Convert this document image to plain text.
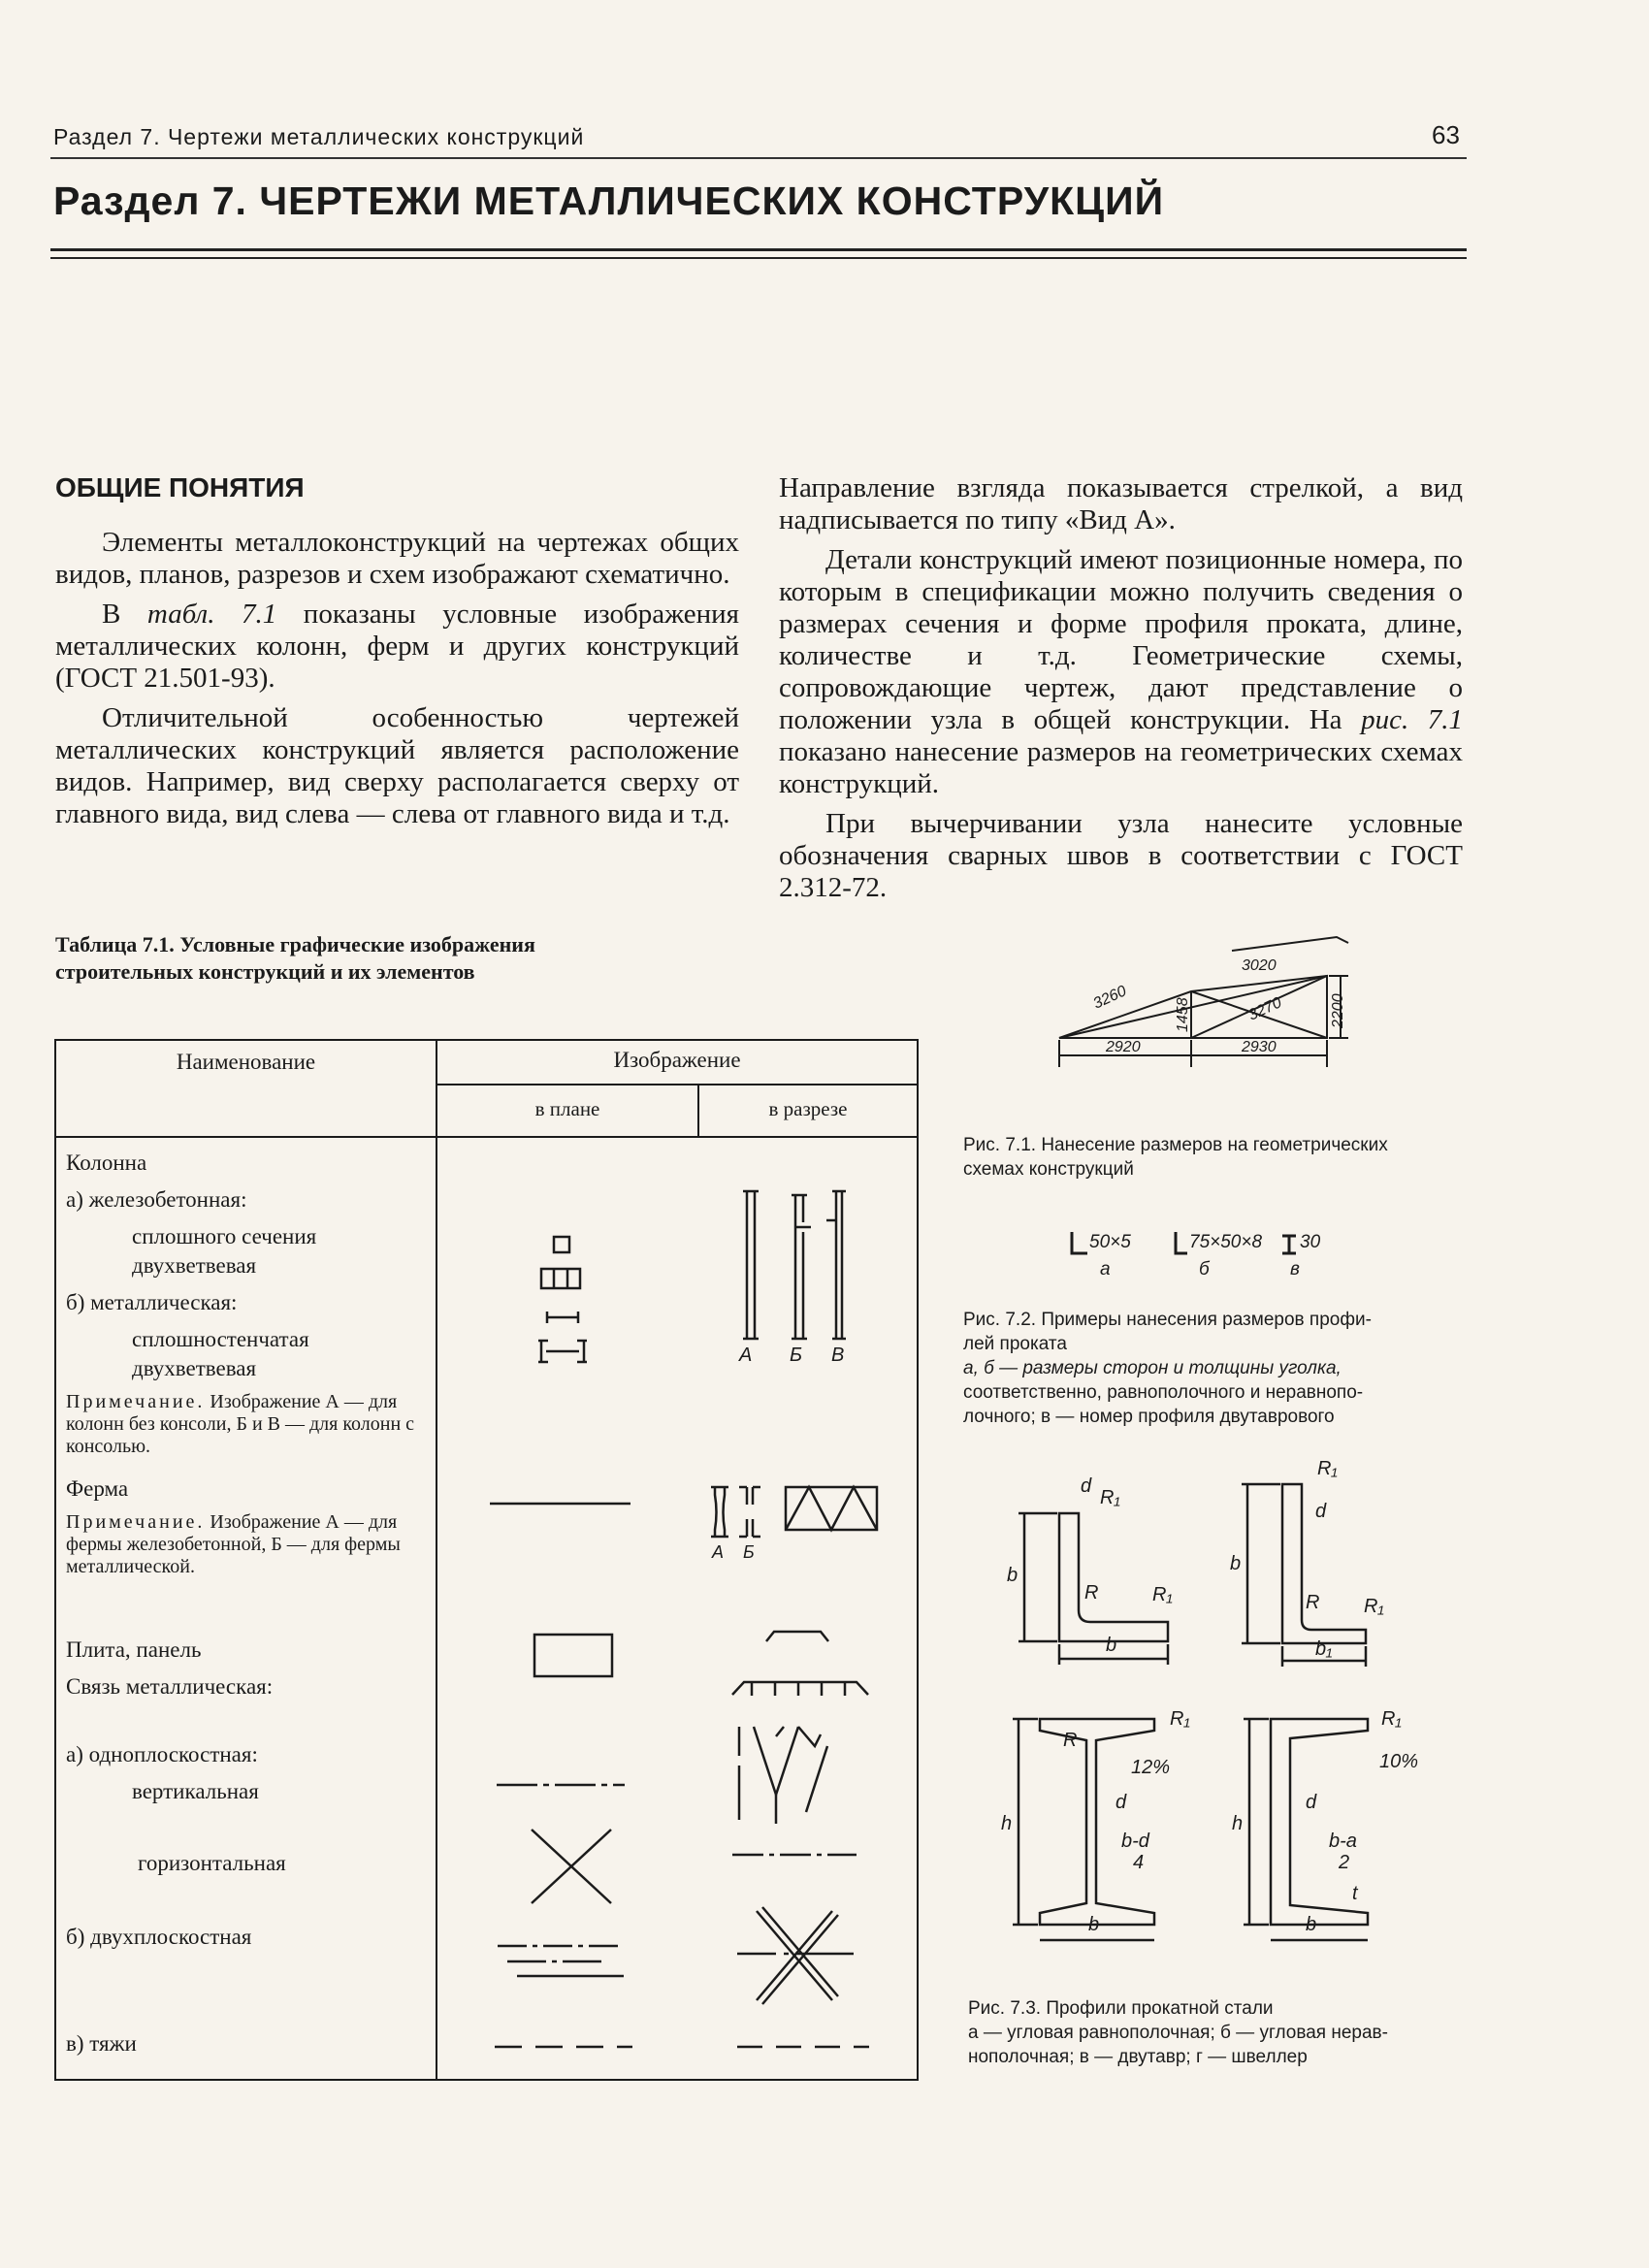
Раздел 7. Чертежи металлических конструкций	63
Раздел 7. ЧЕРТЕЖИ МЕТАЛЛИЧЕСКИХ КОНСТРУКЦИЙ
ОБЩИЕ ПОНЯТИЯ

Элементы металлоконструкций на чертежах общих видов, планов, разрезов и схем изображают схематично.

В табл. 7.1 показаны условные изображения металлических колонн, ферм и других конструкций (ГОСТ 21.501-93).

Отличительной особенностью чертежей металлических конструкций является расположение видов. Например, вид сверху располагается сверху от главного вида, вид слева — слева от главного вида и т.д.

Направление взгляда показывается стрелкой, а вид надписывается по типу «Вид А».

Детали конструкций имеют позиционные номера, по которым в спецификации можно получить сведения о размерах сечения и форме профиля проката, длине, количестве и т.д. Геометрические схемы, сопровождающие чертеж, дают представление о положении узла в общей конструкции. На рис. 7.1 показано нанесение размеров на геометрических схемах конструкций.

При вычерчивании узла нанесите условные обозначения сварных швов в соответствии с ГОСТ 2.312-72.

Таблица 7.1. Условные графические изображения
строительных конструкций и их элементов
Наименование	Изображение
в плане	в разрезе
Колонна
а) железобетонная:
сплошного сечения
двухветвевая
б) металлическая:
сплошностенчатая
двухветвевая
Примечание. Изображение А — для колонн без консоли, Б и В — для колонн с консолью.
А Б В
Ферма
Примечание. Изображение А — для фермы железобетонной, Б — для фермы металлической.
А Б
Плита, панель
Связь металлическая:
а) одноплоскостная:
вертикальная
горизонтальная
б) двухплоскостная
в) тяжи
3020
3260
1458	3270	2200
2920	2930
Рис. 7.1. Нанесение размеров на геометрических
схемах конструкций
50×5	75×50×8 30
а	б	в
Рис. 7.2. Примеры нанесения размеров профи-
лей проката
а, б — размеры сторон и толщины уголка,
соответственно, равнополочного и неравнопо-
лочного; в — номер профиля двутаврового
d
R₁
b
R	R₁
b
R₁
d
b
R R₁
b₁
R₁
R
12%
h
d
b-d
4
b
R₁
10%
h
d
b-a
2
t
b
Рис. 7.3. Профили прокатной стали
а — угловая равнополочная; б — угловая нерав-
нополочная; в — двутавр; г — швеллер
